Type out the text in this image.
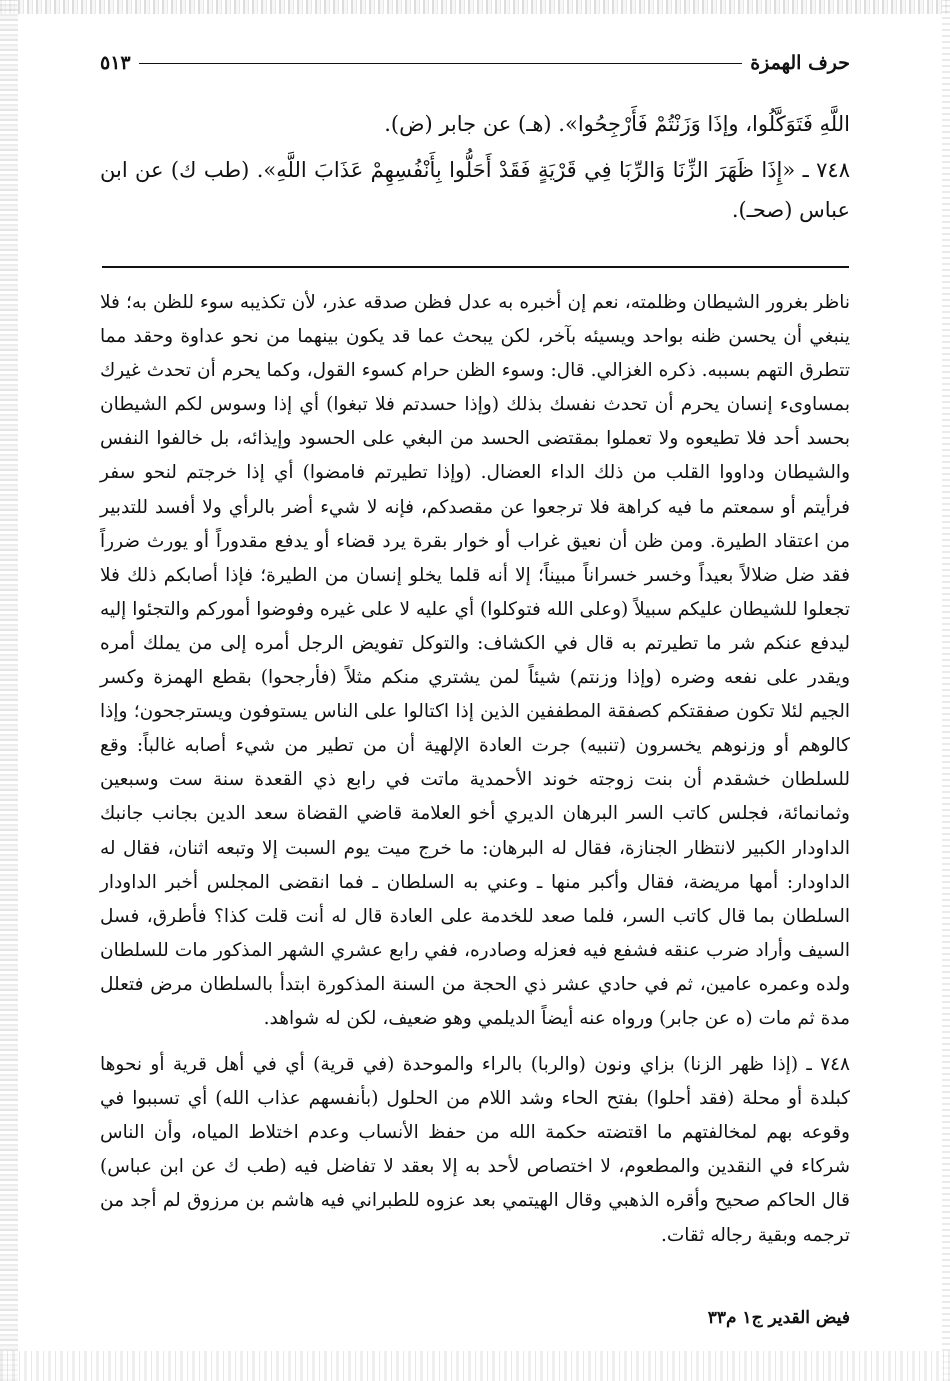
حرف الهمزة
٥١٣

اللَّهِ فَتَوَكَّلُوا، وإذَا وَزَنْتُمْ فَأَرْجِحُوا». (هـ) عن جابر (ض).

٧٤٨ ـ «إِذَا ظَهَرَ الزِّنَا وَالرِّبَا فِي قَرْيَةٍ فَقَدْ أَحَلُّوا بِأَنْفُسِهِمْ عَذَابَ اللَّهِ». (طب ك) عن ابن عباس (صحـ).

ناظر بغرور الشيطان وظلمته، نعم إن أخبره به عدل فظن صدقه عذر، لأن تكذيبه سوء للظن به؛ فلا ينبغي أن يحسن ظنه بواحد ويسيئه بآخر، لكن يبحث عما قد يكون بينهما من نحو عداوة وحقد مما تتطرق التهم بسببه. ذكره الغزالي. قال: وسوء الظن حرام كسوء القول، وكما يحرم أن تحدث غيرك بمساوىء إنسان يحرم أن تحدث نفسك بذلك (وإذا حسدتم فلا تبغوا) أي إذا وسوس لكم الشيطان بحسد أحد فلا تطيعوه ولا تعملوا بمقتضى الحسد من البغي على الحسود وإيذائه، بل خالفوا النفس والشيطان وداووا القلب من ذلك الداء العضال. (وإذا تطيرتم فامضوا) أي إذا خرجتم لنحو سفر فرأيتم أو سمعتم ما فيه كراهة فلا ترجعوا عن مقصدكم، فإنه لا شيء أضر بالرأي ولا أفسد للتدبير من اعتقاد الطيرة. ومن ظن أن نعيق غراب أو خوار بقرة يرد قضاء أو يدفع مقدوراً أو يورث ضرراً فقد ضل ضلالاً بعيداً وخسر خسراناً مبيناً؛ إلا أنه قلما يخلو إنسان من الطيرة؛ فإذا أصابكم ذلك فلا تجعلوا للشيطان عليكم سبيلاً (وعلى الله فتوكلوا) أي عليه لا على غيره وفوضوا أموركم والتجئوا إليه ليدفع عنكم شر ما تطيرتم به قال في الكشاف: والتوكل تفويض الرجل أمره إلى من يملك أمره ويقدر على نفعه وضره (وإذا وزنتم) شيئاً لمن يشتري منكم مثلاً (فأرجحوا) بقطع الهمزة وكسر الجيم لئلا تكون صفقتكم كصفقة المطففين الذين إذا اكتالوا على الناس يستوفون ويسترجحون؛ وإذا كالوهم أو وزنوهم يخسرون (تنبيه) جرت العادة الإلهية أن من تطير من شيء أصابه غالباً: وقع للسلطان خشقدم أن بنت زوجته خوند الأحمدية ماتت في رابع ذي القعدة سنة ست وسبعين وثمانمائة، فجلس كاتب السر البرهان الديري أخو العلامة قاضي القضاة سعد الدين بجانب جانبك الداودار الكبير لانتظار الجنازة، فقال له البرهان: ما خرج ميت يوم السبت إلا وتبعه اثنان، فقال له الداودار: أمها مريضة، فقال وأكبر منها ـ وعني به السلطان ـ فما انقضى المجلس أخبر الداودار السلطان بما قال كاتب السر، فلما صعد للخدمة على العادة قال له أنت قلت كذا؟ فأطرق، فسل السيف وأراد ضرب عنقه فشفع فيه فعزله وصادره، ففي رابع عشري الشهر المذكور مات للسلطان ولده وعمره عامين، ثم في حادي عشر ذي الحجة من السنة المذكورة ابتدأ بالسلطان مرض فتعلل مدة ثم مات (ه عن جابر) ورواه عنه أيضاً الديلمي وهو ضعيف، لكن له شواهد.

٧٤٨ ـ (إذا ظهر الزنا) بزاي ونون (والربا) بالراء والموحدة (في قرية) أي في أهل قرية أو نحوها كبلدة أو محلة (فقد أحلوا) بفتح الحاء وشد اللام من الحلول (بأنفسهم عذاب الله) أي تسببوا في وقوعه بهم لمخالفتهم ما اقتضته حكمة الله من حفظ الأنساب وعدم اختلاط المياه، وأن الناس شركاء في النقدين والمطعوم، لا اختصاص لأحد به إلا بعقد لا تفاضل فيه (طب ك عن ابن عباس) قال الحاكم صحيح وأقره الذهبي وقال الهيتمي بعد عزوه للطبراني فيه هاشم بن مرزوق لم أجد من ترجمه وبقية رجاله ثقات.

فيض القدير ج١ م٣٣
